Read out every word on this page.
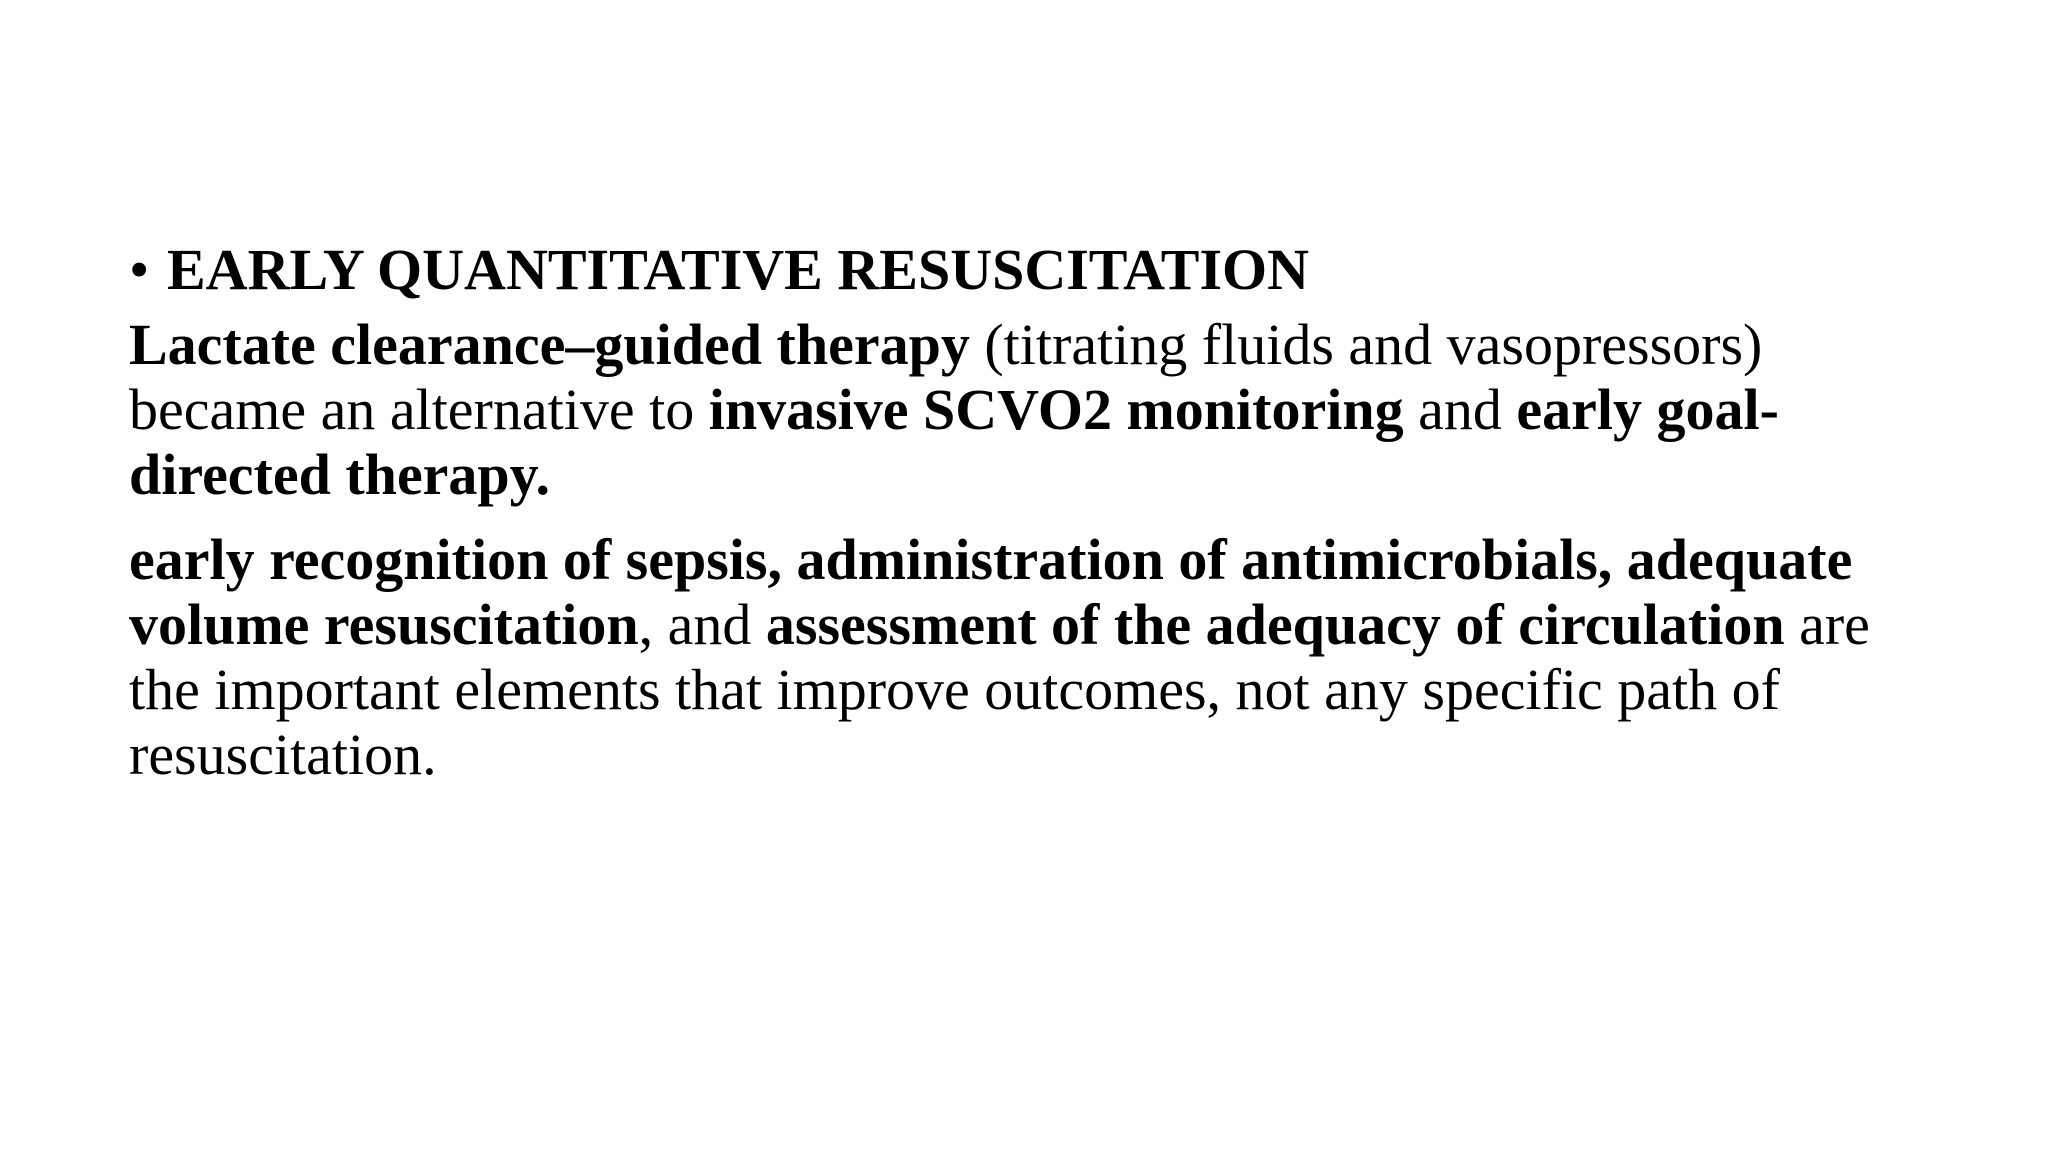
• EARLY QUANTITATIVE RESUSCITATION

Lactate clearance–guided therapy (titrating fluids and vasopressors) became an alternative to invasive SCVO2 monitoring and early goal-directed therapy.

early recognition of sepsis, administration of antimicrobials, adequate volume resuscitation, and assessment of the adequacy of circulation are the important elements that improve outcomes, not any specific path of resuscitation.
